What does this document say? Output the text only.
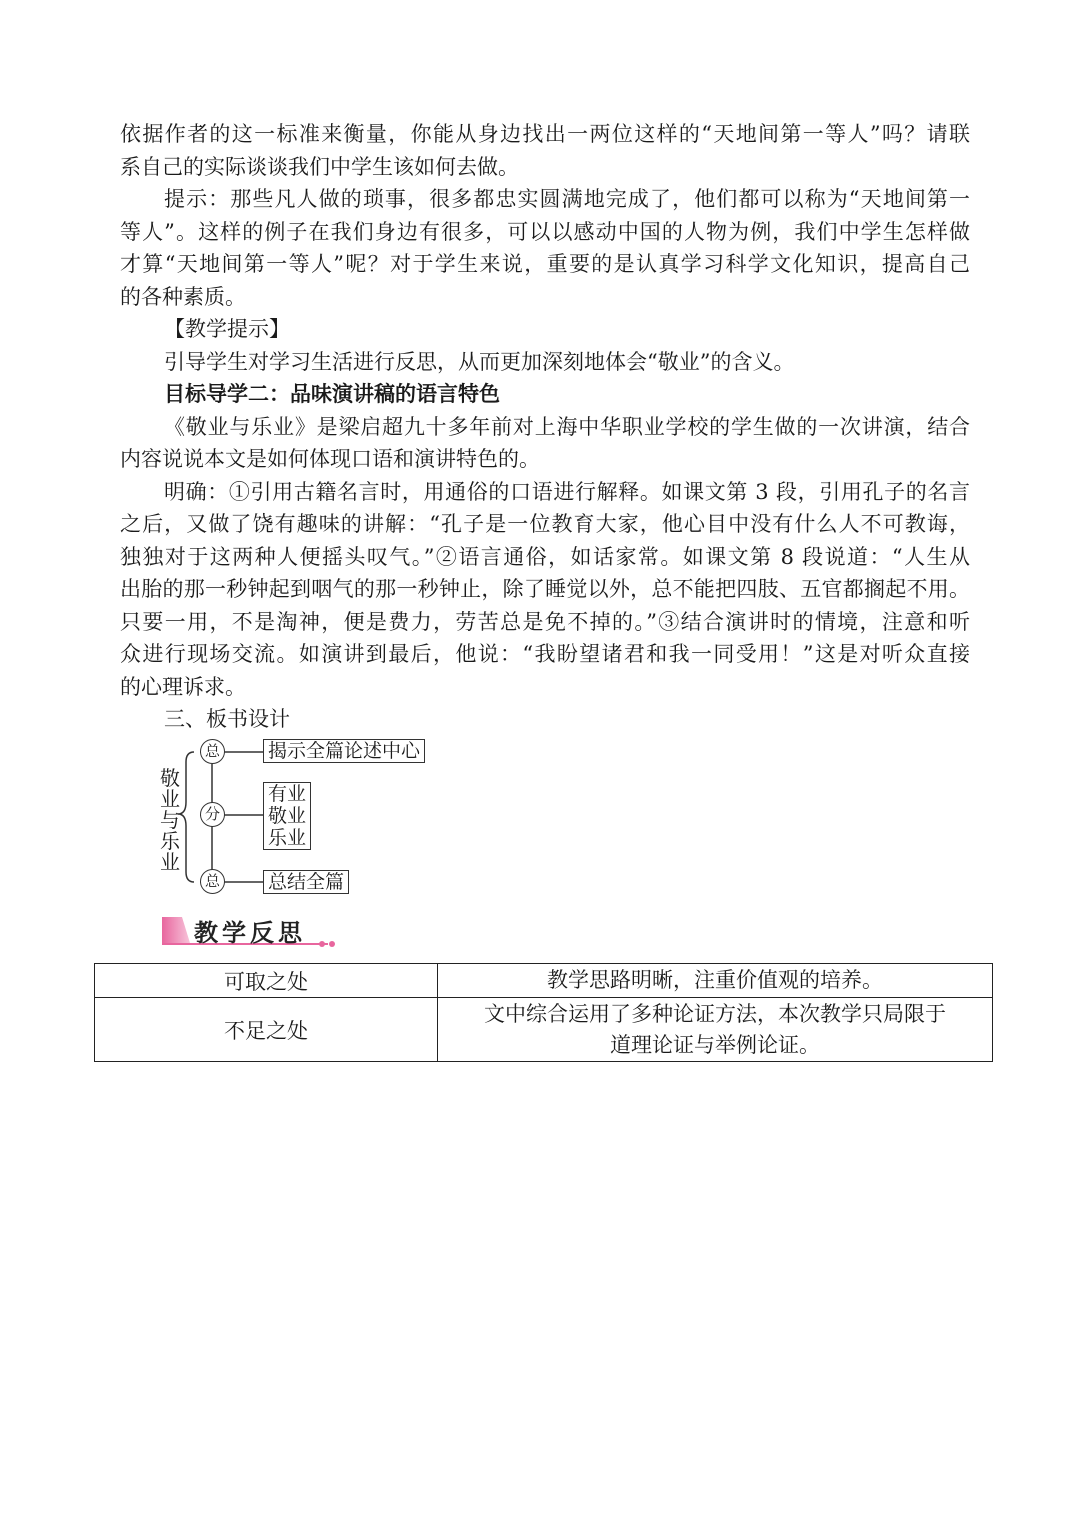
依据作者的这一标准来衡量，你能从身边找出一两位这样的“天地间第一等人”吗？请联
系自己的实际谈谈我们中学生该如何去做。
提示：那些凡人做的琐事，很多都忠实圆满地完成了，他们都可以称为“天地间第一
等人”。这样的例子在我们身边有很多，可以以感动中国的人物为例，我们中学生怎样做
才算“天地间第一等人”呢？对于学生来说，重要的是认真学习科学文化知识，提高自己
的各种素质。
【教学提示】
引导学生对学习生活进行反思，从而更加深刻地体会“敬业”的含义。
目标导学二：品味演讲稿的语言特色
《敬业与乐业》是梁启超九十多年前对上海中华职业学校的学生做的一次讲演，结合
内容说说本文是如何体现口语和演讲特色的。
明确：①引用古籍名言时，用通俗的口语进行解释。如课文第 3 段，引用孔子的名言
之后，又做了饶有趣味的讲解：“孔子是一位教育大家，他心目中没有什么人不可教诲，
独独对于这两种人便摇头叹气。”②语言通俗，如话家常。如课文第 8 段说道：“人生从
出胎的那一秒钟起到咽气的那一秒钟止，除了睡觉以外，总不能把四肢、五官都搁起不用。
只要一用，不是淘神，便是费力，劳苦总是免不掉的。”③结合演讲时的情境，注意和听
众进行现场交流。如演讲到最后，他说：“我盼望诸君和我一同受用！”这是对听众直接
的心理诉求。
三、板书设计
敬业与乐业
总
分
总
揭示全篇论述中心
有业
敬业
乐业
总结全篇
教学反思
可取之处	教学思路明晰，注重价值观的培养。
不足之处	文中综合运用了多种论证方法，本次教学只局限于
道理论证与举例论证。
